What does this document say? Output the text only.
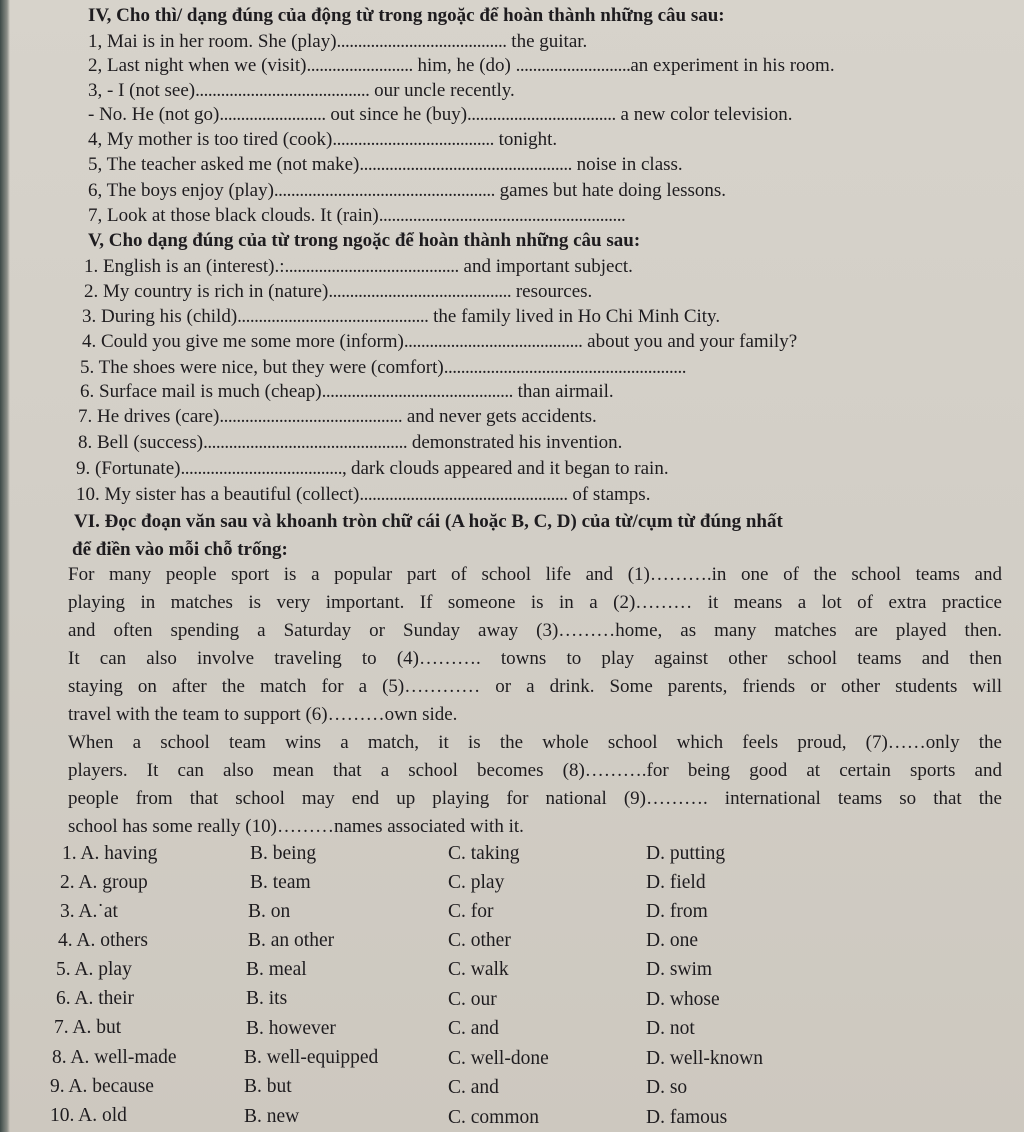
IV, Cho thì/ dạng đúng của động từ trong ngoặc để hoàn thành những câu sau:
1, Mai is in her room. She (play)........................................ the guitar.
2, Last night when we (visit)......................... him, he (do) ...........................an experiment in his room.
3, - I (not see)......................................... our uncle recently.
- No. He (not go)......................... out since he (buy)................................... a new color television.
4, My mother is too tired (cook)...................................... tonight.
5, The teacher asked me (not make).................................................. noise in class.
6, The boys enjoy (play).................................................... games but hate doing lessons.
7, Look at those black clouds. It (rain)..........................................................
V, Cho dạng đúng của từ trong ngoặc để hoàn thành những câu sau:
1. English is an (interest).:......................................... and important subject.
2. My country is rich in (nature)........................................... resources.
3. During his (child)............................................. the family lived in Ho Chi Minh City.
4. Could you give me some more (inform).......................................... about you and your family?
5. The shoes were nice, but they were (comfort).........................................................
6. Surface mail is much (cheap)............................................. than airmail.
7. He drives (care)........................................... and never gets accidents.
8. Bell (success)................................................ demonstrated his invention.
9. (Fortunate)......................................, dark clouds appeared and it began to rain.
10. My sister has a beautiful (collect)................................................. of stamps.
VI. Đọc đoạn văn sau và khoanh tròn chữ cái (A hoặc B, C, D) của từ/cụm từ đúng nhất
để điền vào mỗi chỗ trống:
For many people sport is a popular part of school life and (1)……….in one of the school teams and
playing in matches is very important. If someone is in a (2)……… it means a lot of extra practice
and often spending a Saturday or Sunday away (3)………home, as many matches are played then.
It can also involve traveling to (4)………. towns to play against other school teams and then
staying on after the match for a (5)………… or a drink. Some parents, friends or other students will
travel with the team to support (6)………own side.
When a school team wins a match, it is the whole school which feels proud, (7)……only the
players. It can also mean that a school becomes (8)……….for being good at certain sports and
people from that school may end up playing for national (9)………. international teams so that the
school has some really (10)………names associated with it.
1. A. having	B. being	C. taking	D. putting
2. A. group	B. team	C. play	D. field
3. A.˙at	B. on	C. for	D. from
4. A. others	B. an other	C. other	D. one
5. A. play	B. meal	C. walk	D. swim
6. A. their	B. its	C. our	D. whose
7. A. but	B. however	C. and	D. not
8. A. well-made	B. well-equipped	C. well-done	D. well-known
9. A. because	B. but	C. and	D. so
10. A. old	B. new	C. common	D. famous
